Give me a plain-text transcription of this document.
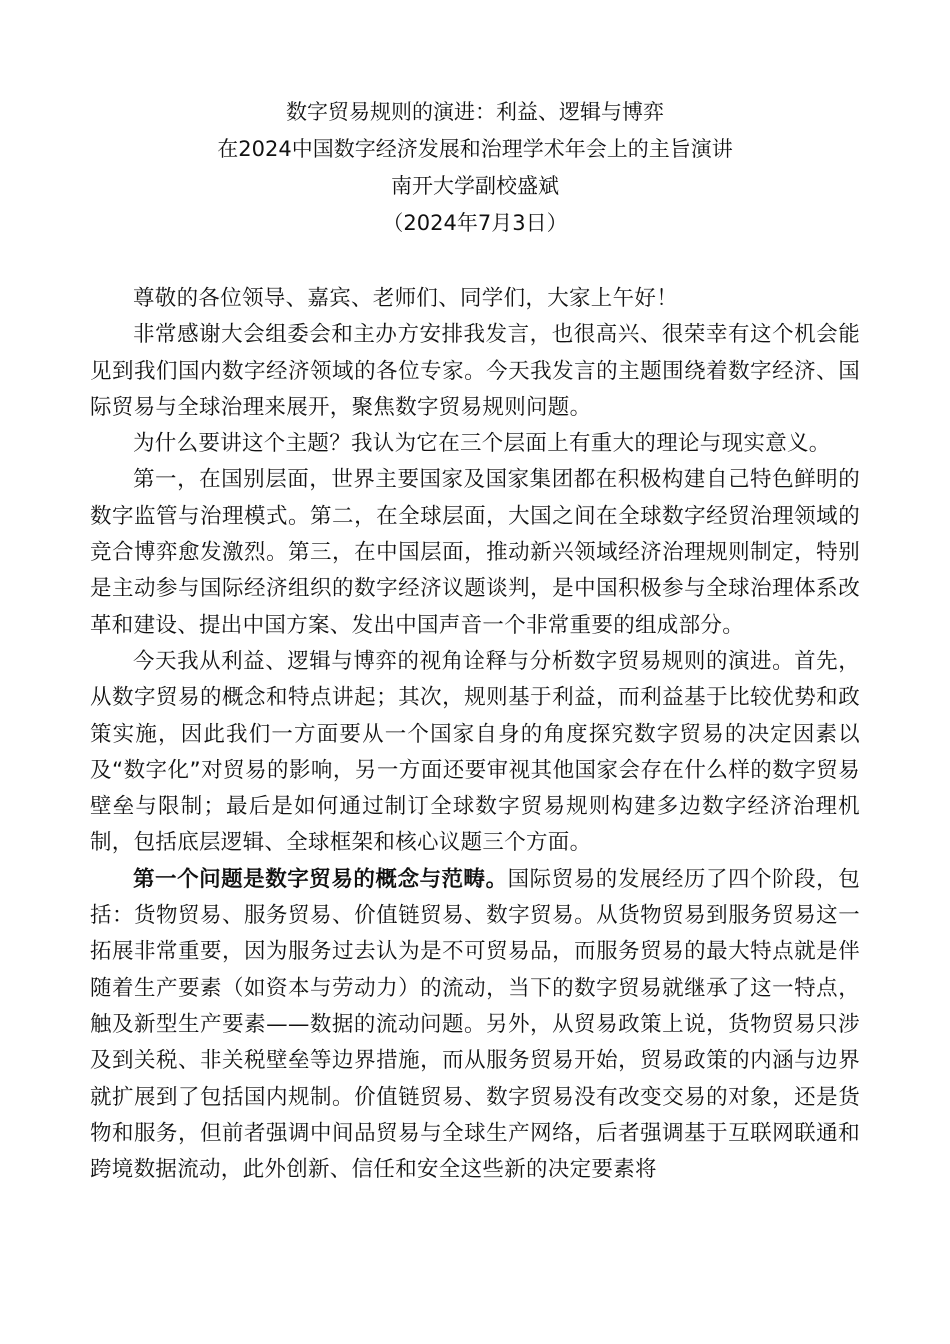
数字贸易规则的演进：利益、逻辑与博弈
在2024中国数字经济发展和治理学术年会上的主旨演讲
南开大学副校盛斌
（2024年7月3日）

尊敬的各位领导、嘉宾、老师们、同学们，大家上午好！

非常感谢大会组委会和主办方安排我发言，也很高兴、很荣幸有这个机会能见到我们国内数字经济领域的各位专家。今天我发言的主题围绕着数字经济、国际贸易与全球治理来展开，聚焦数字贸易规则问题。

为什么要讲这个主题？我认为它在三个层面上有重大的理论与现实意义。

第一，在国别层面，世界主要国家及国家集团都在积极构建自己特色鲜明的数字监管与治理模式。第二，在全球层面，大国之间在全球数字经贸治理领域的竞合博弈愈发激烈。第三，在中国层面，推动新兴领域经济治理规则制定，特别是主动参与国际经济组织的数字经济议题谈判，是中国积极参与全球治理体系改革和建设、提出中国方案、发出中国声音一个非常重要的组成部分。

今天我从利益、逻辑与博弈的视角诠释与分析数字贸易规则的演进。首先，从数字贸易的概念和特点讲起；其次，规则基于利益，而利益基于比较优势和政策实施，因此我们一方面要从一个国家自身的角度探究数字贸易的决定因素以及“数字化”对贸易的影响，另一方面还要审视其他国家会存在什么样的数字贸易壁垒与限制；最后是如何通过制订全球数字贸易规则构建多边数字经济治理机制，包括底层逻辑、全球框架和核心议题三个方面。

第一个问题是数字贸易的概念与范畴。国际贸易的发展经历了四个阶段，包括：货物贸易、服务贸易、价值链贸易、数字贸易。从货物贸易到服务贸易这一拓展非常重要，因为服务过去认为是不可贸易品，而服务贸易的最大特点就是伴随着生产要素（如资本与劳动力）的流动，当下的数字贸易就继承了这一特点，触及新型生产要素——数据的流动问题。另外，从贸易政策上说，货物贸易只涉及到关税、非关税壁垒等边界措施，而从服务贸易开始，贸易政策的内涵与边界就扩展到了包括国内规制。价值链贸易、数字贸易没有改变交易的对象，还是货物和服务，但前者强调中间品贸易与全球生产网络，后者强调基于互联网联通和跨境数据流动，此外创新、信任和安全这些新的决定要素将
